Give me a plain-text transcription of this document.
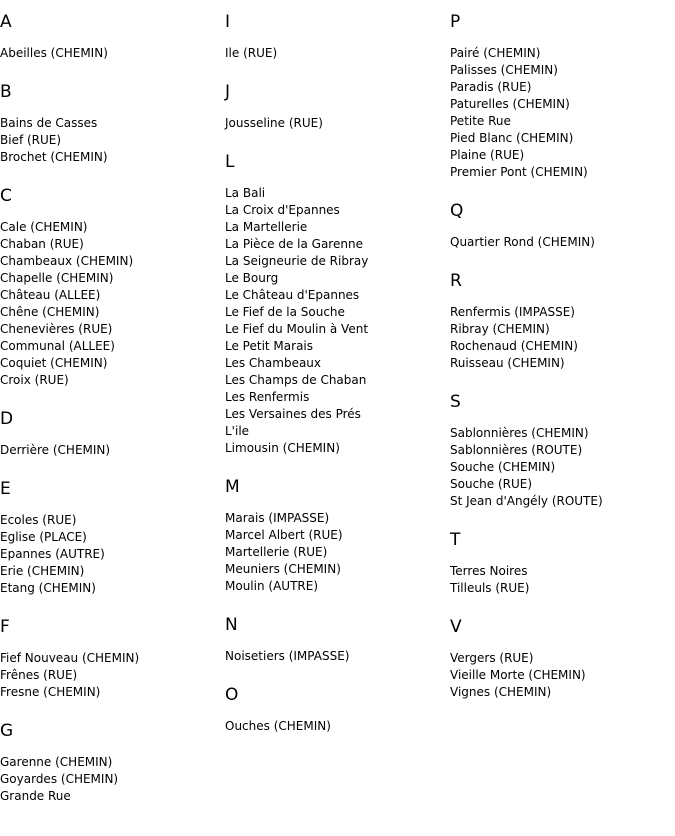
A
Abeilles (CHEMIN)
B
Bains de Casses
Bief (RUE)
Brochet (CHEMIN)
C
Cale (CHEMIN)
Chaban (RUE)
Chambeaux (CHEMIN)
Chapelle (CHEMIN)
Château (ALLEE)
Chêne (CHEMIN)
Chenevières (RUE)
Communal (ALLEE)
Coquiet (CHEMIN)
Croix (RUE)
D
Derrière (CHEMIN)
E
Ecoles (RUE)
Eglise (PLACE)
Epannes (AUTRE)
Erie (CHEMIN)
Etang (CHEMIN)
F
Fief Nouveau (CHEMIN)
Frênes (RUE)
Fresne (CHEMIN)
G
Garenne (CHEMIN)
Goyardes (CHEMIN)
Grande Rue
I
Ile (RUE)
J
Jousseline (RUE)
L
La Bali
La Croix d'Epannes
La Martellerie
La Pièce de la Garenne
La Seigneurie de Ribray
Le Bourg
Le Château d'Epannes
Le Fief de la Souche
Le Fief du Moulin à Vent
Le Petit Marais
Les Chambeaux
Les Champs de Chaban
Les Renfermis
Les Versaines des Prés
L'ile
Limousin (CHEMIN)
M
Marais (IMPASSE)
Marcel Albert (RUE)
Martellerie (RUE)
Meuniers (CHEMIN)
Moulin (AUTRE)
N
Noisetiers (IMPASSE)
O
Ouches (CHEMIN)
P
Pairé (CHEMIN)
Palisses (CHEMIN)
Paradis (RUE)
Paturelles (CHEMIN)
Petite Rue
Pied Blanc (CHEMIN)
Plaine (RUE)
Premier Pont (CHEMIN)
Q
Quartier Rond (CHEMIN)
R
Renfermis (IMPASSE)
Ribray (CHEMIN)
Rochenaud (CHEMIN)
Ruisseau (CHEMIN)
S
Sablonnières (CHEMIN)
Sablonnières (ROUTE)
Souche (CHEMIN)
Souche (RUE)
St Jean d'Angély (ROUTE)
T
Terres Noires
Tilleuls (RUE)
V
Vergers (RUE)
Vieille Morte (CHEMIN)
Vignes (CHEMIN)
